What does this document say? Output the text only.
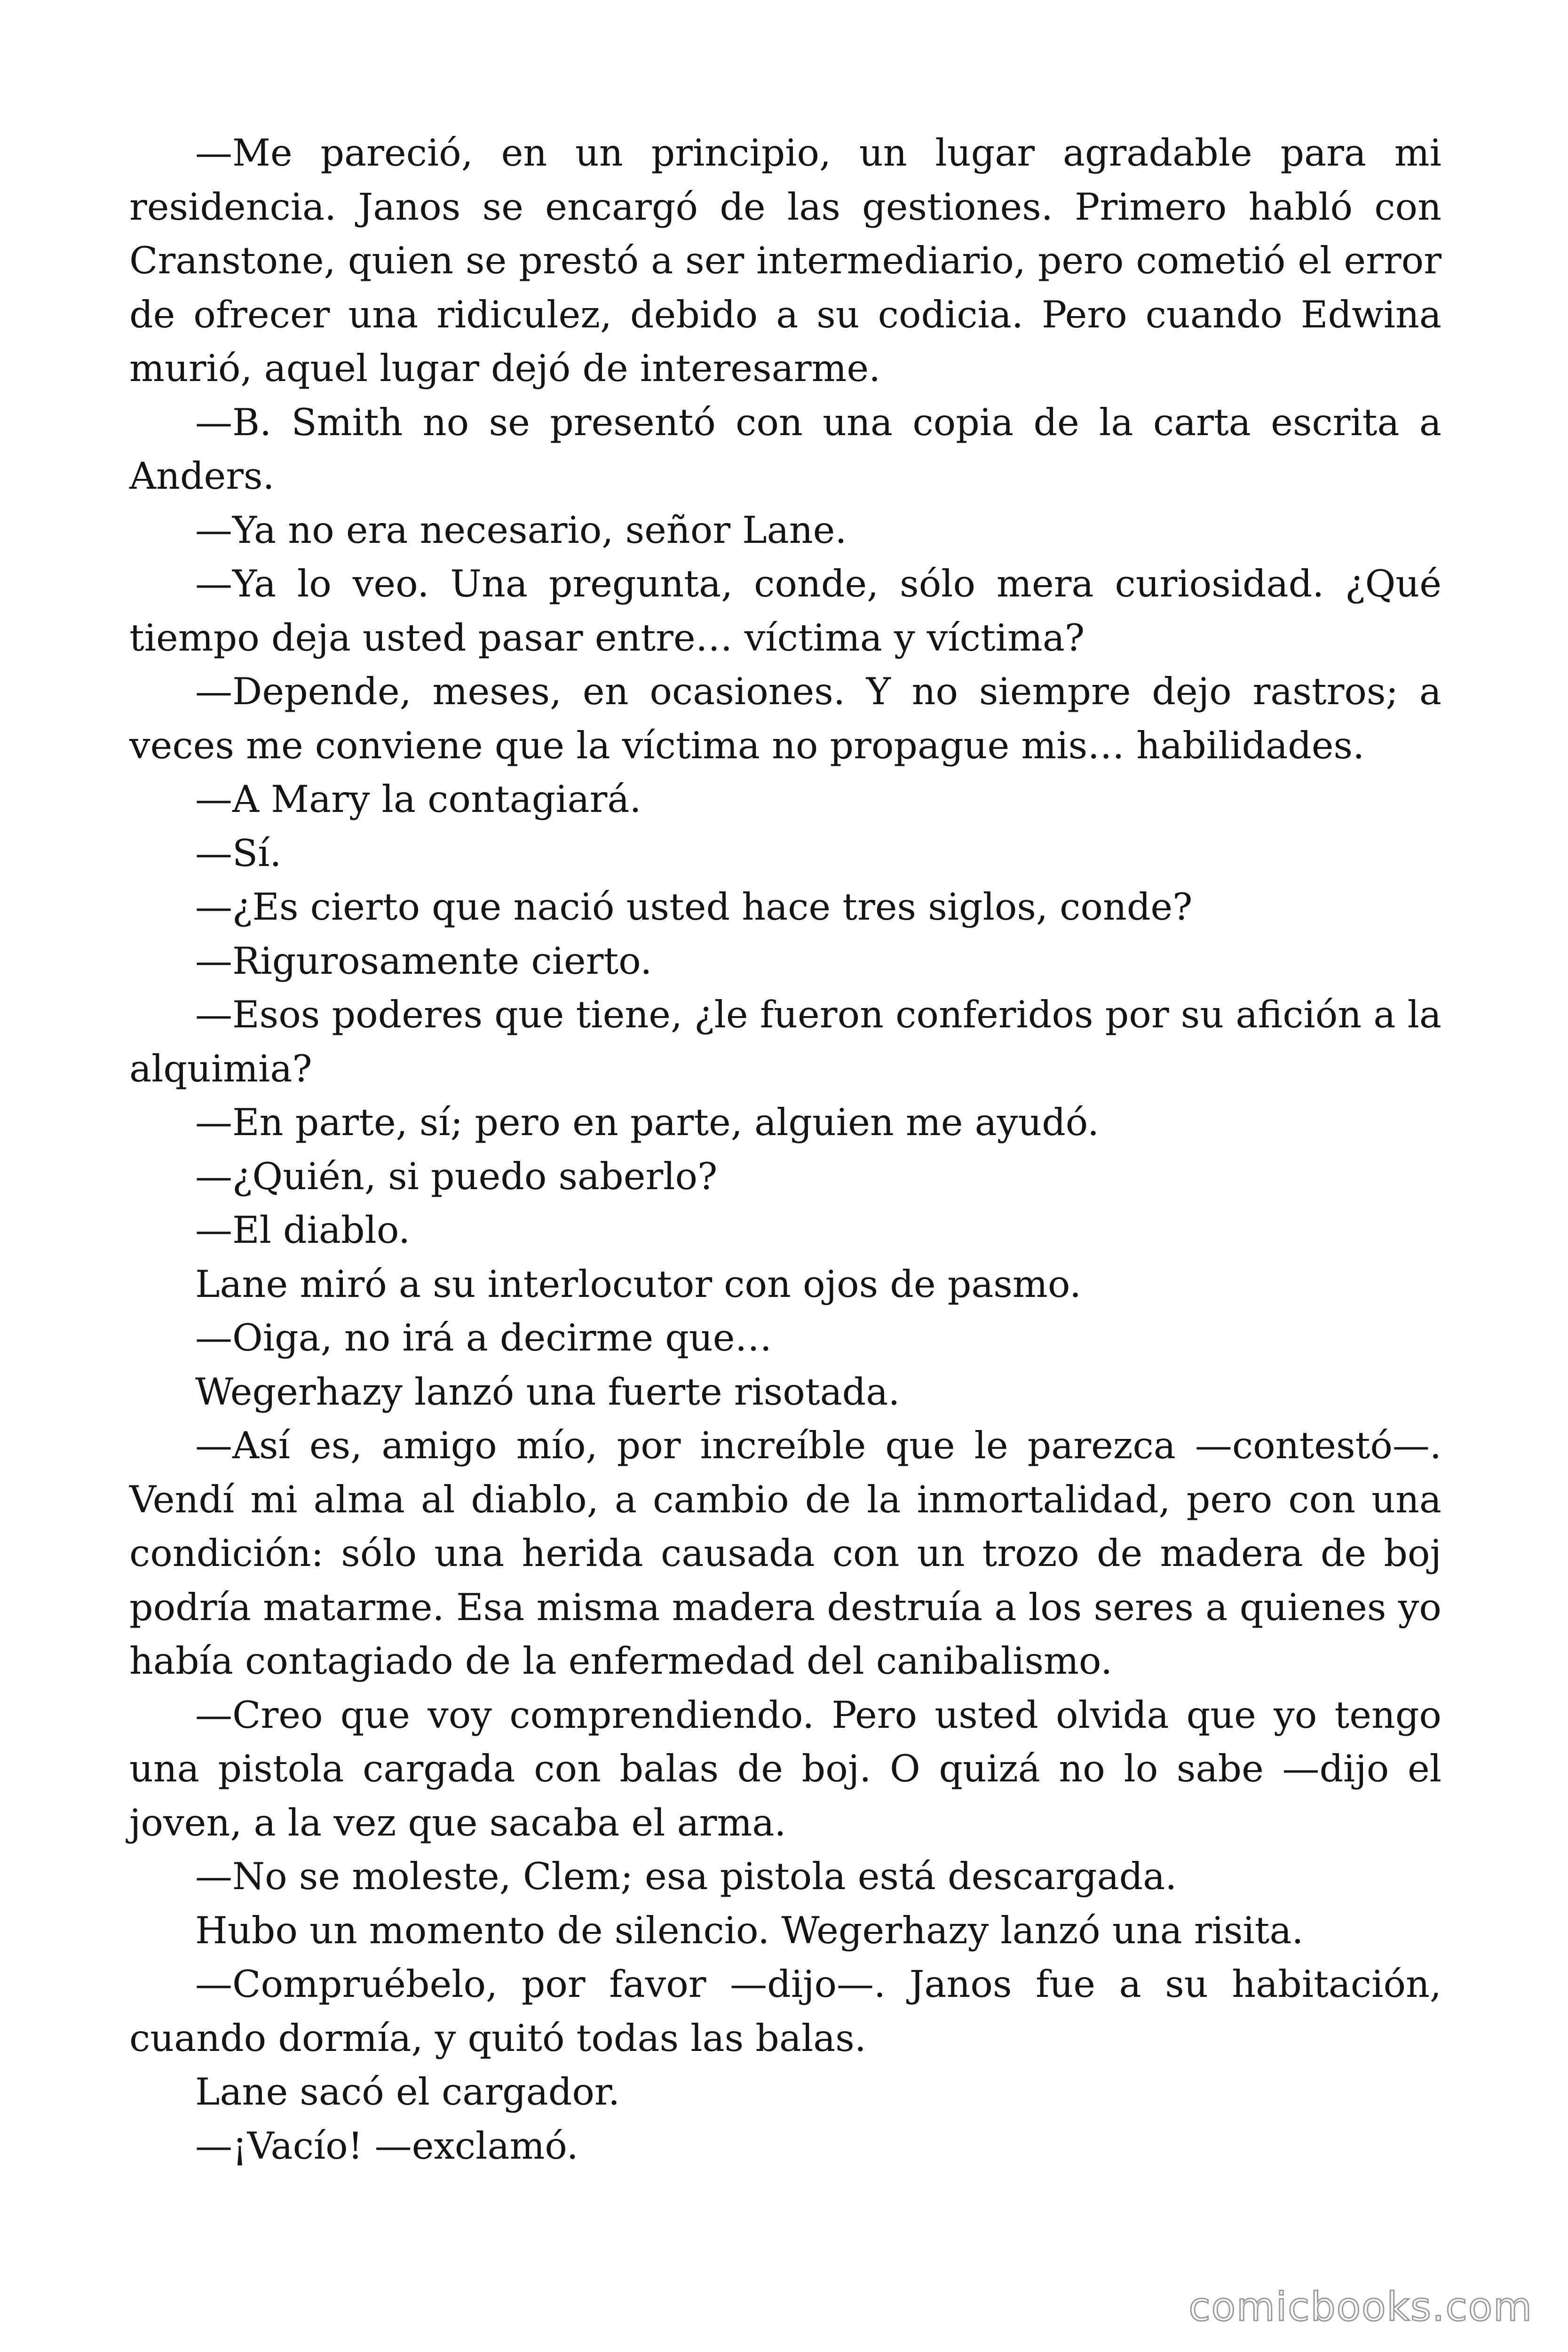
—Me pareció, en un principio, un lugar agradable para mi residencia. Janos se encargó de las gestiones. Primero habló con Cranstone, quien se prestó a ser intermediario, pero cometió el error de ofrecer una ridiculez, debido a su codicia. Pero cuando Edwina murió, aquel lugar dejó de interesarme.

—B. Smith no se presentó con una copia de la carta escrita a Anders.

—Ya no era necesario, señor Lane.

—Ya lo veo. Una pregunta, conde, sólo mera curiosidad. ¿Qué tiempo deja usted pasar entre… víctima y víctima?

—Depende, meses, en ocasiones. Y no siempre dejo rastros; a veces me conviene que la víctima no propague mis… habilidades.

—A Mary la contagiará.

—Sí.

—¿Es cierto que nació usted hace tres siglos, conde?

—Rigurosamente cierto.

—Esos poderes que tiene, ¿le fueron conferidos por su afición a la alquimia?

—En parte, sí; pero en parte, alguien me ayudó.

—¿Quién, si puedo saberlo?

—El diablo.

Lane miró a su interlocutor con ojos de pasmo.

—Oiga, no irá a decirme que…

Wegerhazy lanzó una fuerte risotada.

—Así es, amigo mío, por increíble que le parezca —contestó—. Vendí mi alma al diablo, a cambio de la inmortalidad, pero con una condición: sólo una herida causada con un trozo de madera de boj podría matarme. Esa misma madera destruía a los seres a quienes yo había contagiado de la enfermedad del canibalismo.

—Creo que voy comprendiendo. Pero usted olvida que yo tengo una pistola cargada con balas de boj. O quizá no lo sabe —dijo el joven, a la vez que sacaba el arma.

—No se moleste, Clem; esa pistola está descargada.

Hubo un momento de silencio. Wegerhazy lanzó una risita.

—Compruébelo, por favor —dijo—. Janos fue a su habitación, cuando dormía, y quitó todas las balas.

Lane sacó el cargador.

—¡Vacío! —exclamó.

comicbooks.com
